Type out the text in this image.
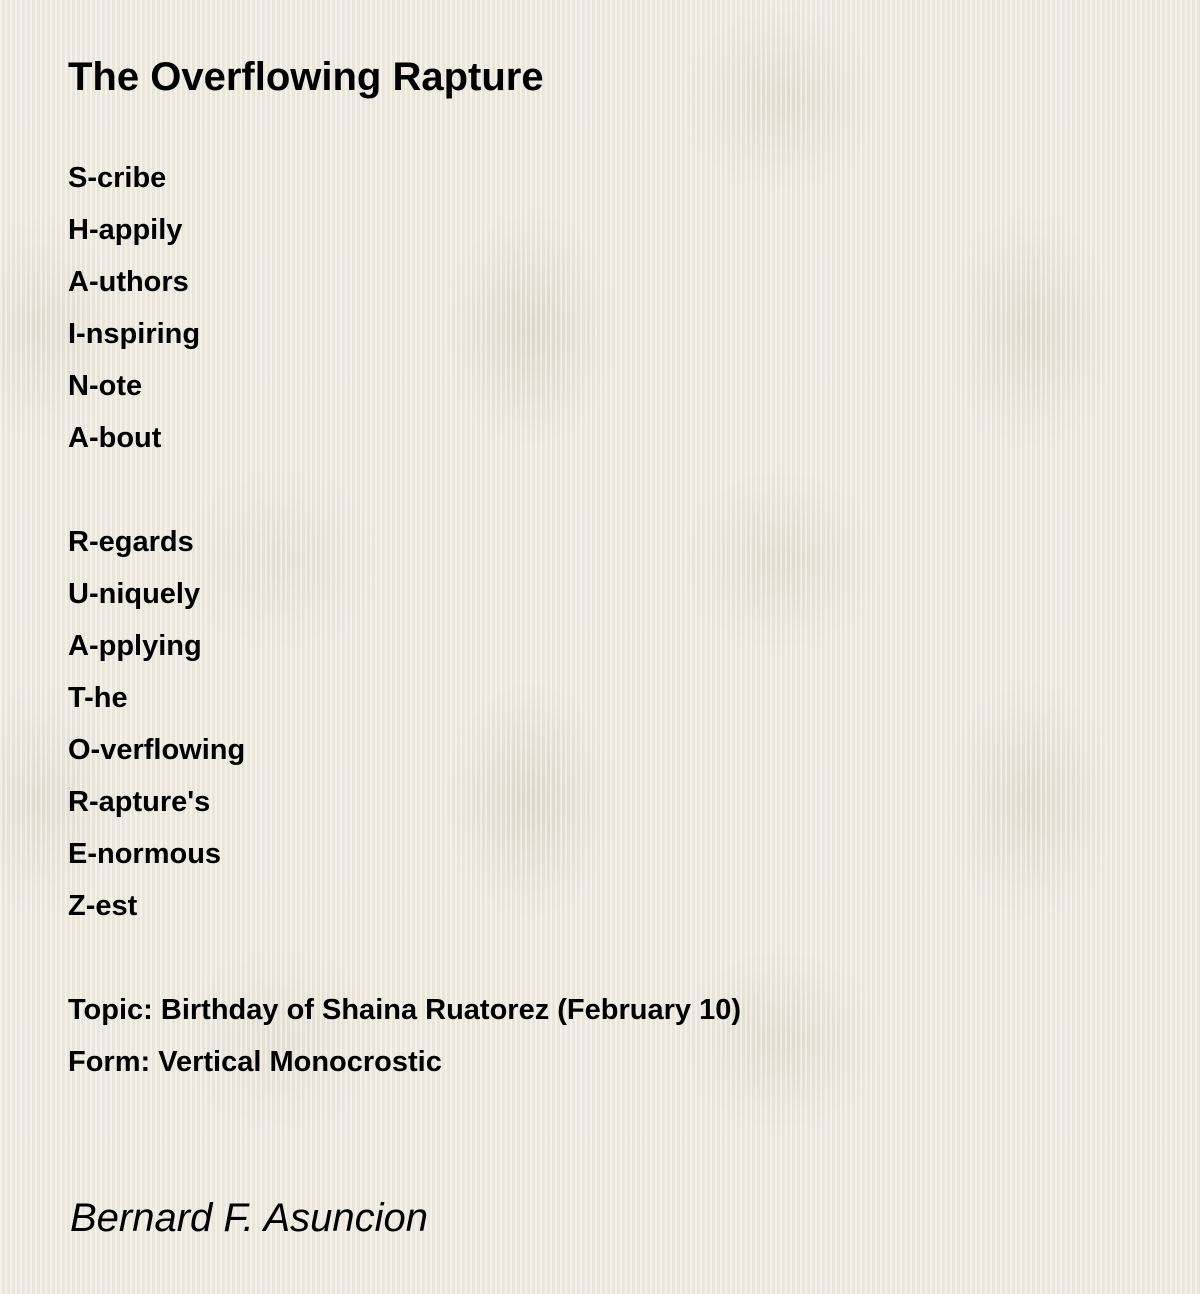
The Overflowing Rapture
S-cribe
H-appily
A-uthors
I-nspiring
N-ote
A-bout
R-egards
U-niquely
A-pplying
T-he
O-verflowing
R-apture's
E-normous
Z-est
Topic: Birthday of Shaina Ruatorez (February 10)
Form: Vertical Monocrostic
Bernard F. Asuncion
